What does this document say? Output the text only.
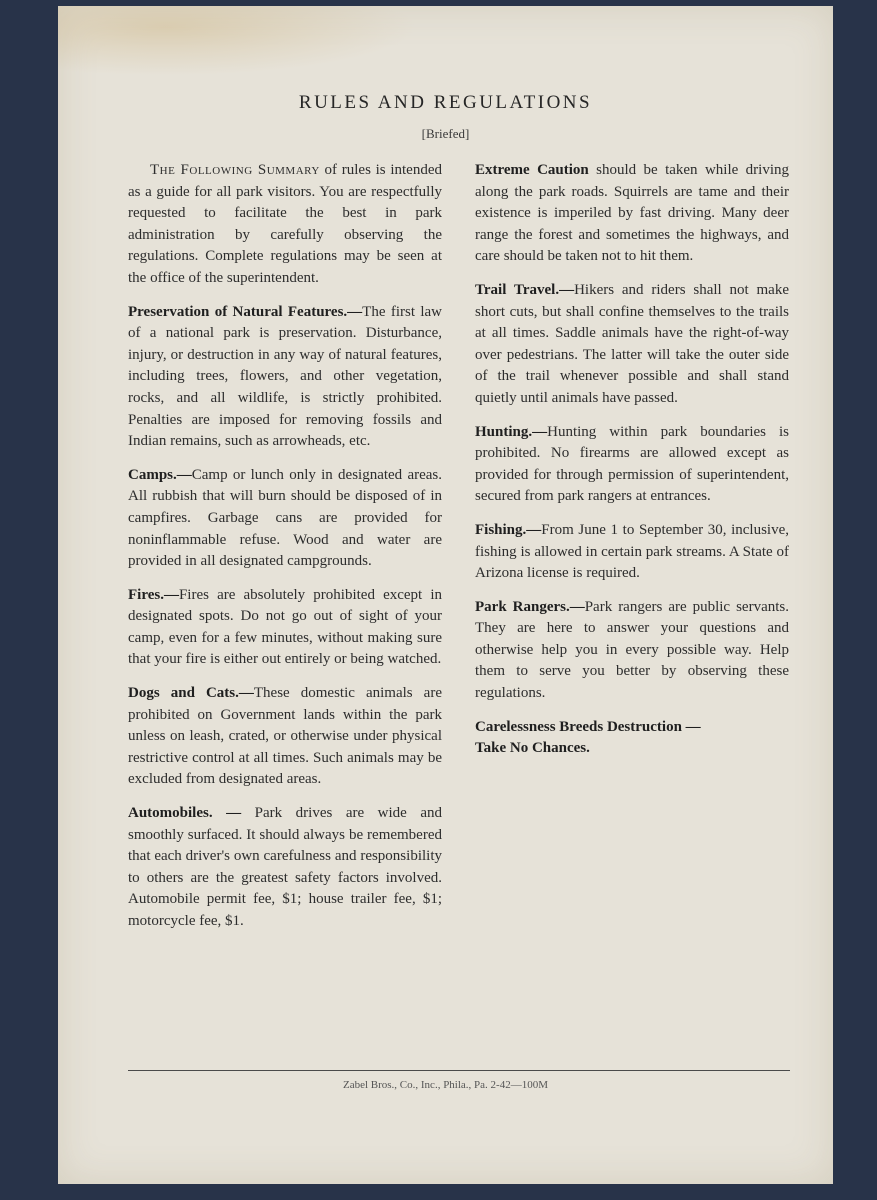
RULES AND REGULATIONS
[Briefed]

The Following Summary of rules is intended as a guide for all park visitors. You are respectfully requested to facilitate the best in park administration by carefully observing the regulations. Complete regulations may be seen at the office of the superintendent.

Preservation of Natural Features.—The first law of a national park is preservation. Disturbance, injury, or destruction in any way of natural features, including trees, flowers, and other vegetation, rocks, and all wildlife, is strictly prohibited. Penalties are imposed for removing fossils and Indian remains, such as arrowheads, etc.

Camps.—Camp or lunch only in designated areas. All rubbish that will burn should be disposed of in campfires. Garbage cans are provided for noninflammable refuse. Wood and water are provided in all designated campgrounds.

Fires.—Fires are absolutely prohibited except in designated spots. Do not go out of sight of your camp, even for a few minutes, without making sure that your fire is either out entirely or being watched.

Dogs and Cats.—These domestic animals are prohibited on Government lands within the park unless on leash, crated, or otherwise under physical restrictive control at all times. Such animals may be excluded from designated areas.

Automobiles. — Park drives are wide and smoothly surfaced. It should always be remembered that each driver's own carefulness and responsibility to others are the greatest safety factors involved. Automobile permit fee, $1; house trailer fee, $1; motorcycle fee, $1.

Extreme Caution should be taken while driving along the park roads. Squirrels are tame and their existence is imperiled by fast driving. Many deer range the forest and sometimes the highways, and care should be taken not to hit them.

Trail Travel.—Hikers and riders shall not make short cuts, but shall confine themselves to the trails at all times. Saddle animals have the right-of-way over pedestrians. The latter will take the outer side of the trail whenever possible and shall stand quietly until animals have passed.

Hunting.—Hunting within park boundaries is prohibited. No firearms are allowed except as provided for through permission of superintendent, secured from park rangers at entrances.

Fishing.—From June 1 to September 30, inclusive, fishing is allowed in certain park streams. A State of Arizona license is required.

Park Rangers.—Park rangers are public servants. They are here to answer your questions and otherwise help you in every possible way. Help them to serve you better by observing these regulations.

Carelessness Breeds Destruction —
Take No Chances.

Zabel Bros., Co., Inc., Phila., Pa. 2-42—100M
